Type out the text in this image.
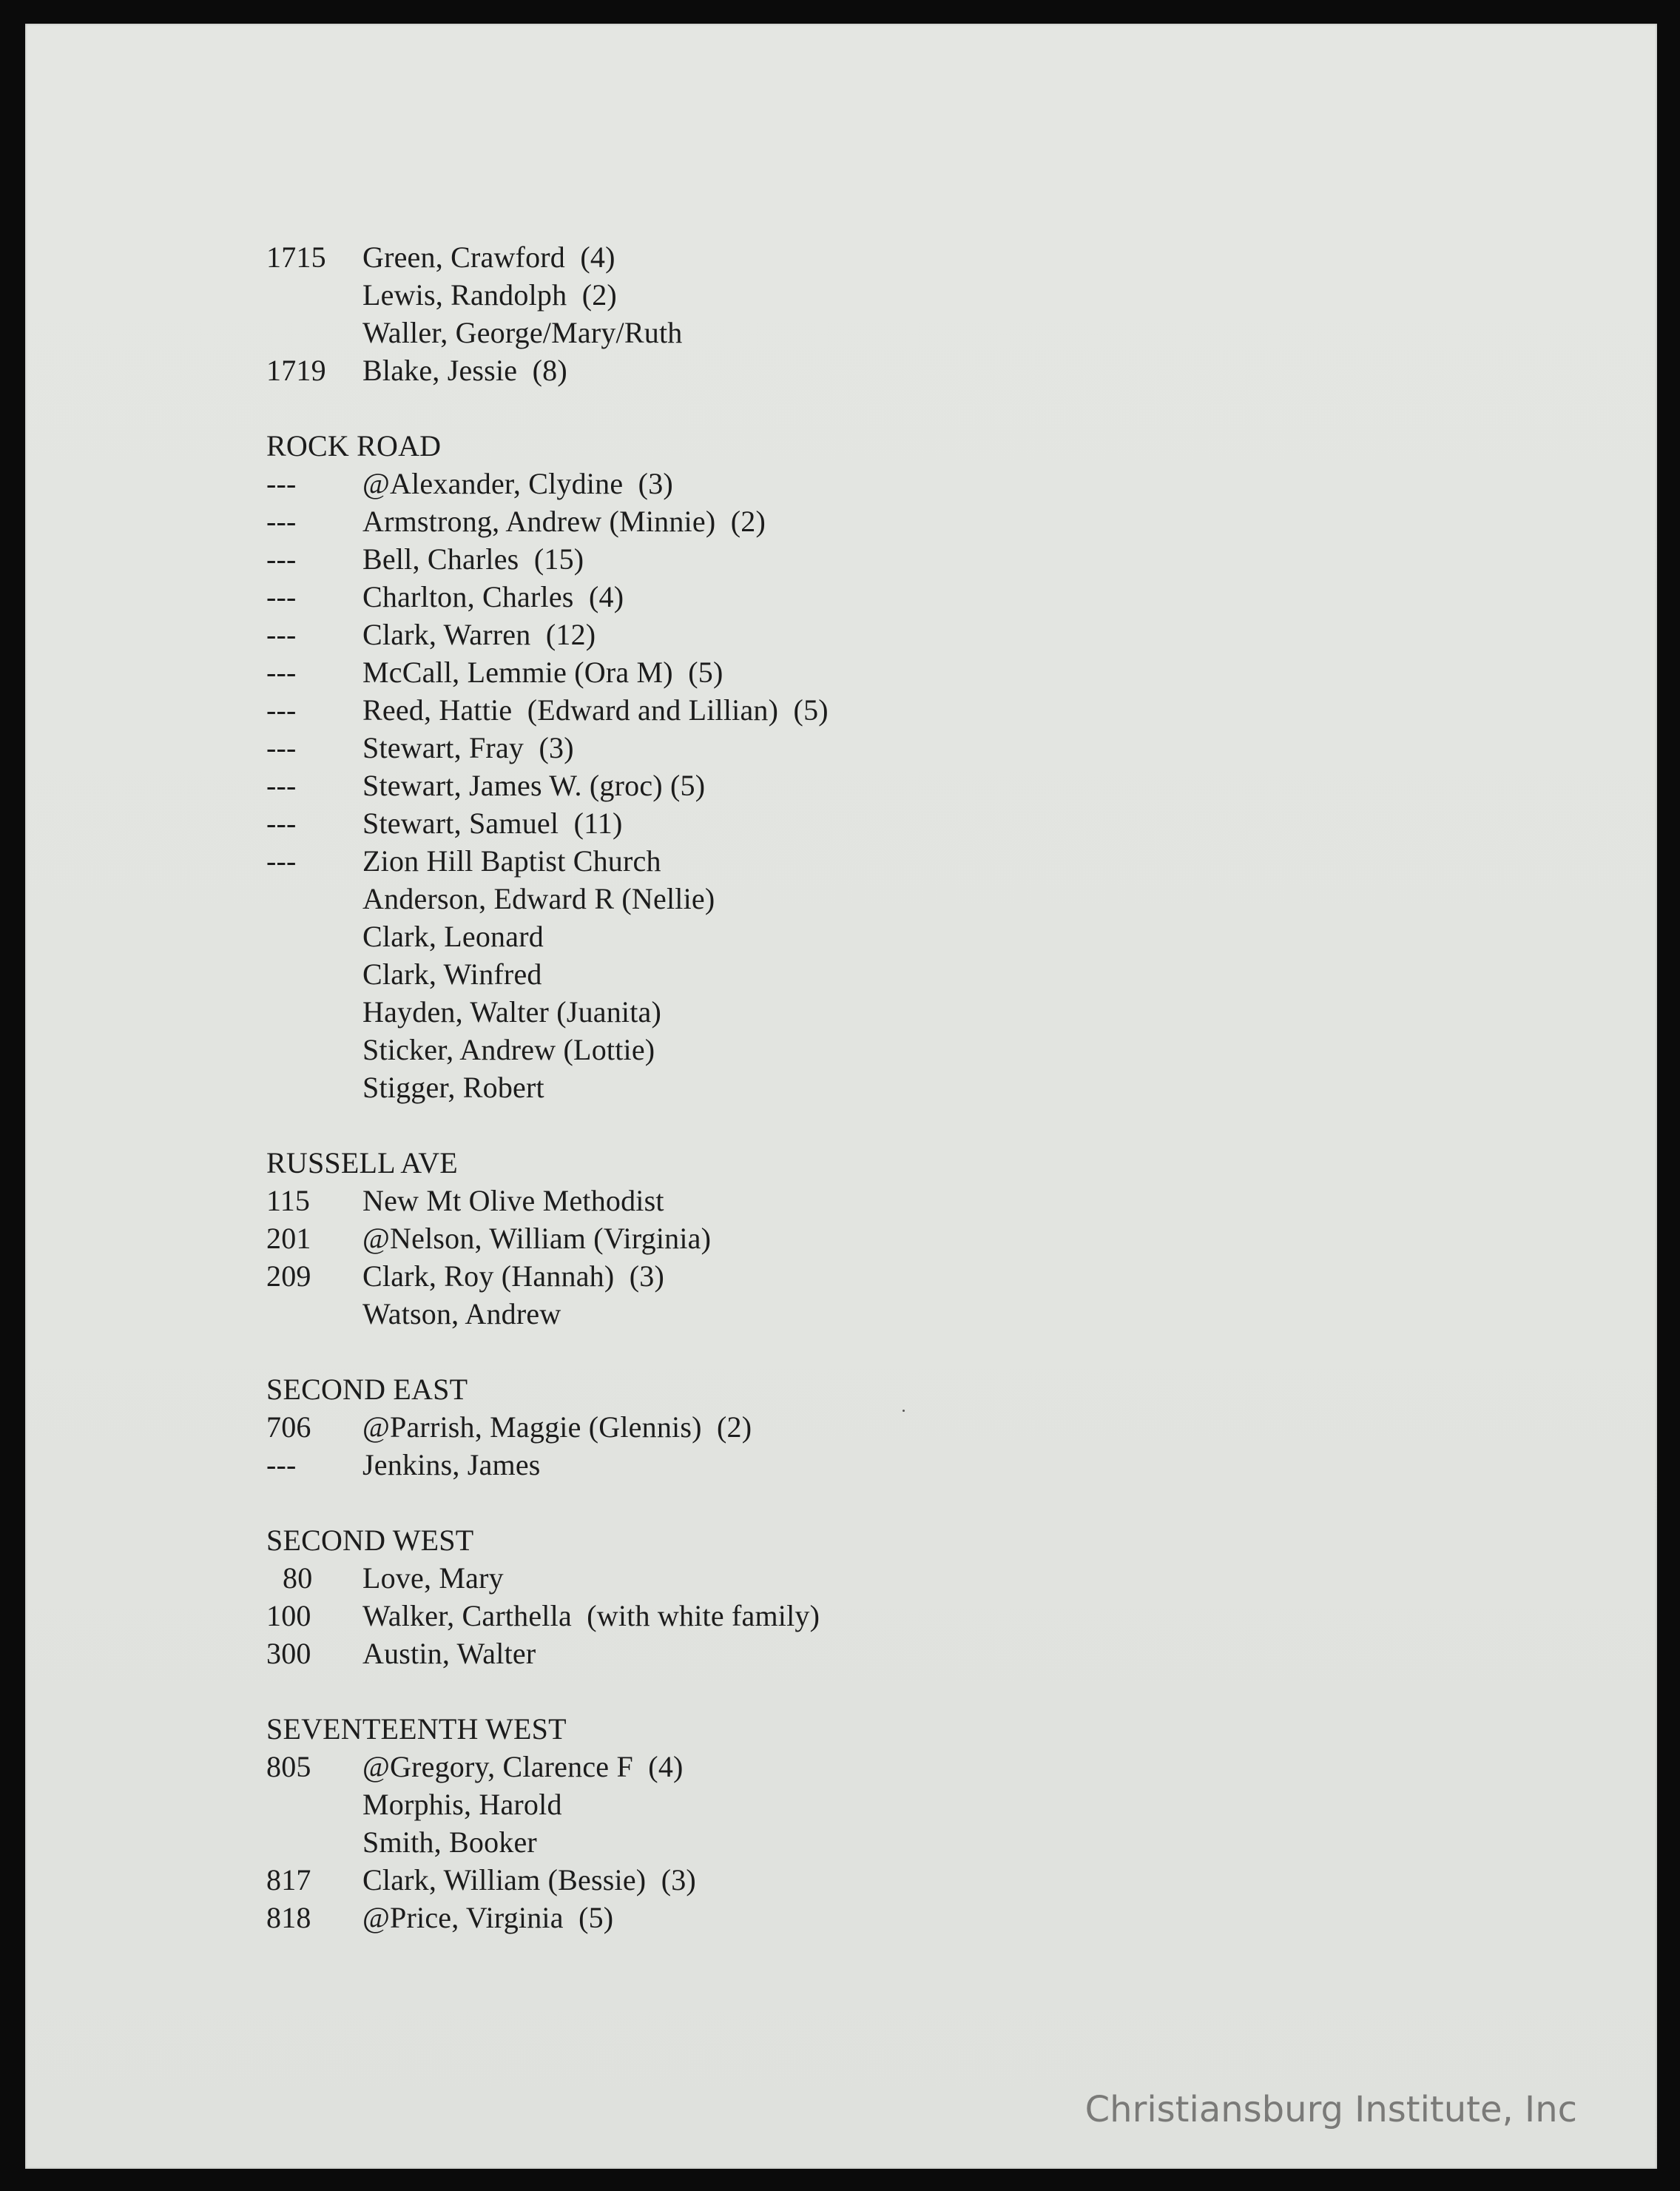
1715	Green, Crawford  (4)
Lewis, Randolph  (2)
Waller, George/Mary/Ruth
1719	Blake, Jessie  (8)
ROCK ROAD
---	@Alexander, Clydine  (3)
---	Armstrong, Andrew (Minnie)  (2)
---	Bell, Charles  (15)
---	Charlton, Charles  (4)
---	Clark, Warren  (12)
---	McCall, Lemmie (Ora M)  (5)
---	Reed, Hattie  (Edward and Lillian)  (5)
---	Stewart, Fray  (3)
---	Stewart, James W. (groc) (5)
---	Stewart, Samuel  (11)
---	Zion Hill Baptist Church
Anderson, Edward R (Nellie)
Clark, Leonard
Clark, Winfred
Hayden, Walter (Juanita)
Sticker, Andrew (Lottie)
Stigger, Robert
RUSSELL AVE
115	New Mt Olive Methodist
201	@Nelson, William (Virginia)
209	Clark, Roy (Hannah)  (3)
Watson, Andrew
SECOND EAST
706	@Parrish, Maggie (Glennis)  (2)
---	Jenkins, James
SECOND WEST
80	Love, Mary
100	Walker, Carthella  (with white family)
300	Austin, Walter
SEVENTEENTH WEST
805	@Gregory, Clarence F  (4)
Morphis, Harold
Smith, Booker
817	Clark, William (Bessie)  (3)
818	@Price, Virginia  (5)
Christiansburg Institute, Inc
